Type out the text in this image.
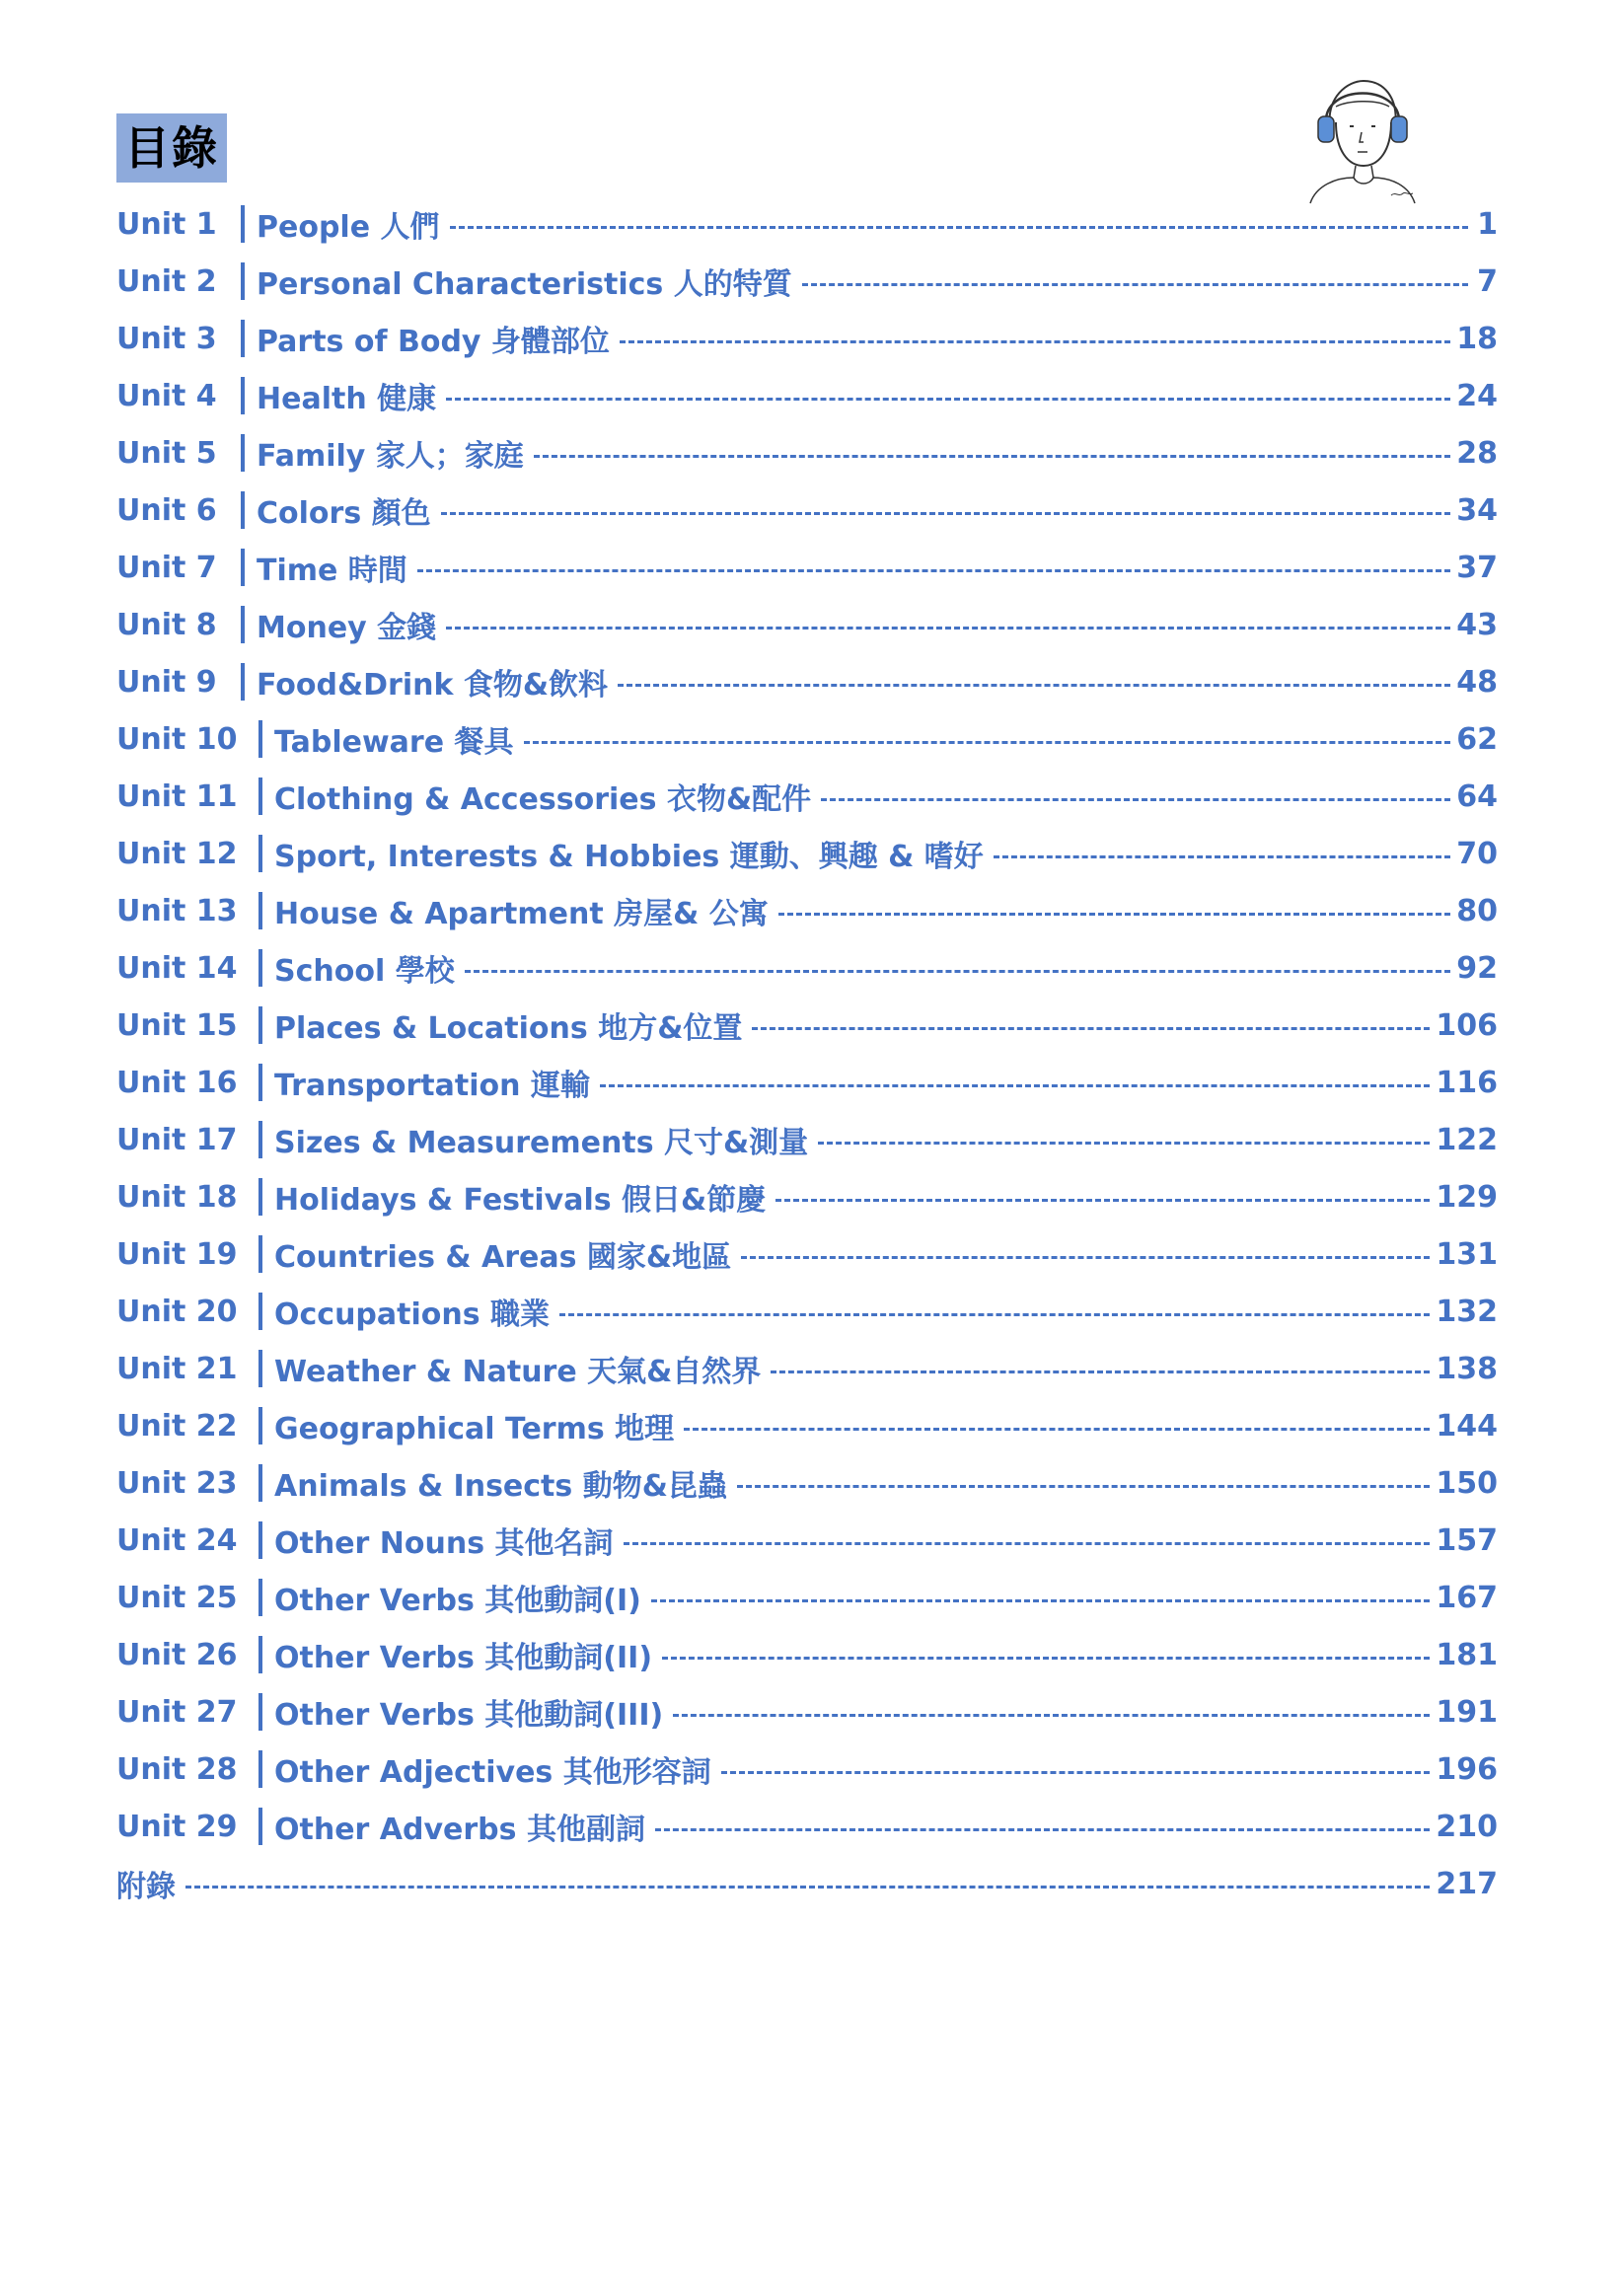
目錄
Unit 1	People 人們	1
Unit 2	Personal Characteristics 人的特質	7
Unit 3	Parts of Body 身體部位	18
Unit 4	Health 健康	24
Unit 5	Family 家人；家庭	28
Unit 6	Colors 顏色	34
Unit 7	Time 時間	37
Unit 8	Money 金錢	43
Unit 9	Food&Drink 食物&飲料	48
Unit 10	Tableware 餐具	62
Unit 11	Clothing & Accessories 衣物&配件	64
Unit 12	Sport, Interests & Hobbies 運動、興趣 & 嗜好	70
Unit 13	House & Apartment 房屋& 公寓	80
Unit 14	School 學校	92
Unit 15	Places & Locations 地方&位置	106
Unit 16	Transportation 運輸	116
Unit 17	Sizes & Measurements 尺寸&測量	122
Unit 18	Holidays & Festivals 假日&節慶	129
Unit 19	Countries & Areas 國家&地區	131
Unit 20	Occupations 職業	132
Unit 21	Weather & Nature 天氣&自然界	138
Unit 22	Geographical Terms 地理	144
Unit 23	Animals & Insects 動物&昆蟲	150
Unit 24	Other Nouns 其他名詞	157
Unit 25	Other Verbs 其他動詞(I)	167
Unit 26	Other Verbs 其他動詞(II)	181
Unit 27	Other Verbs 其他動詞(III)	191
Unit 28	Other Adjectives 其他形容詞	196
Unit 29	Other Adverbs 其他副詞	210
附錄	217
